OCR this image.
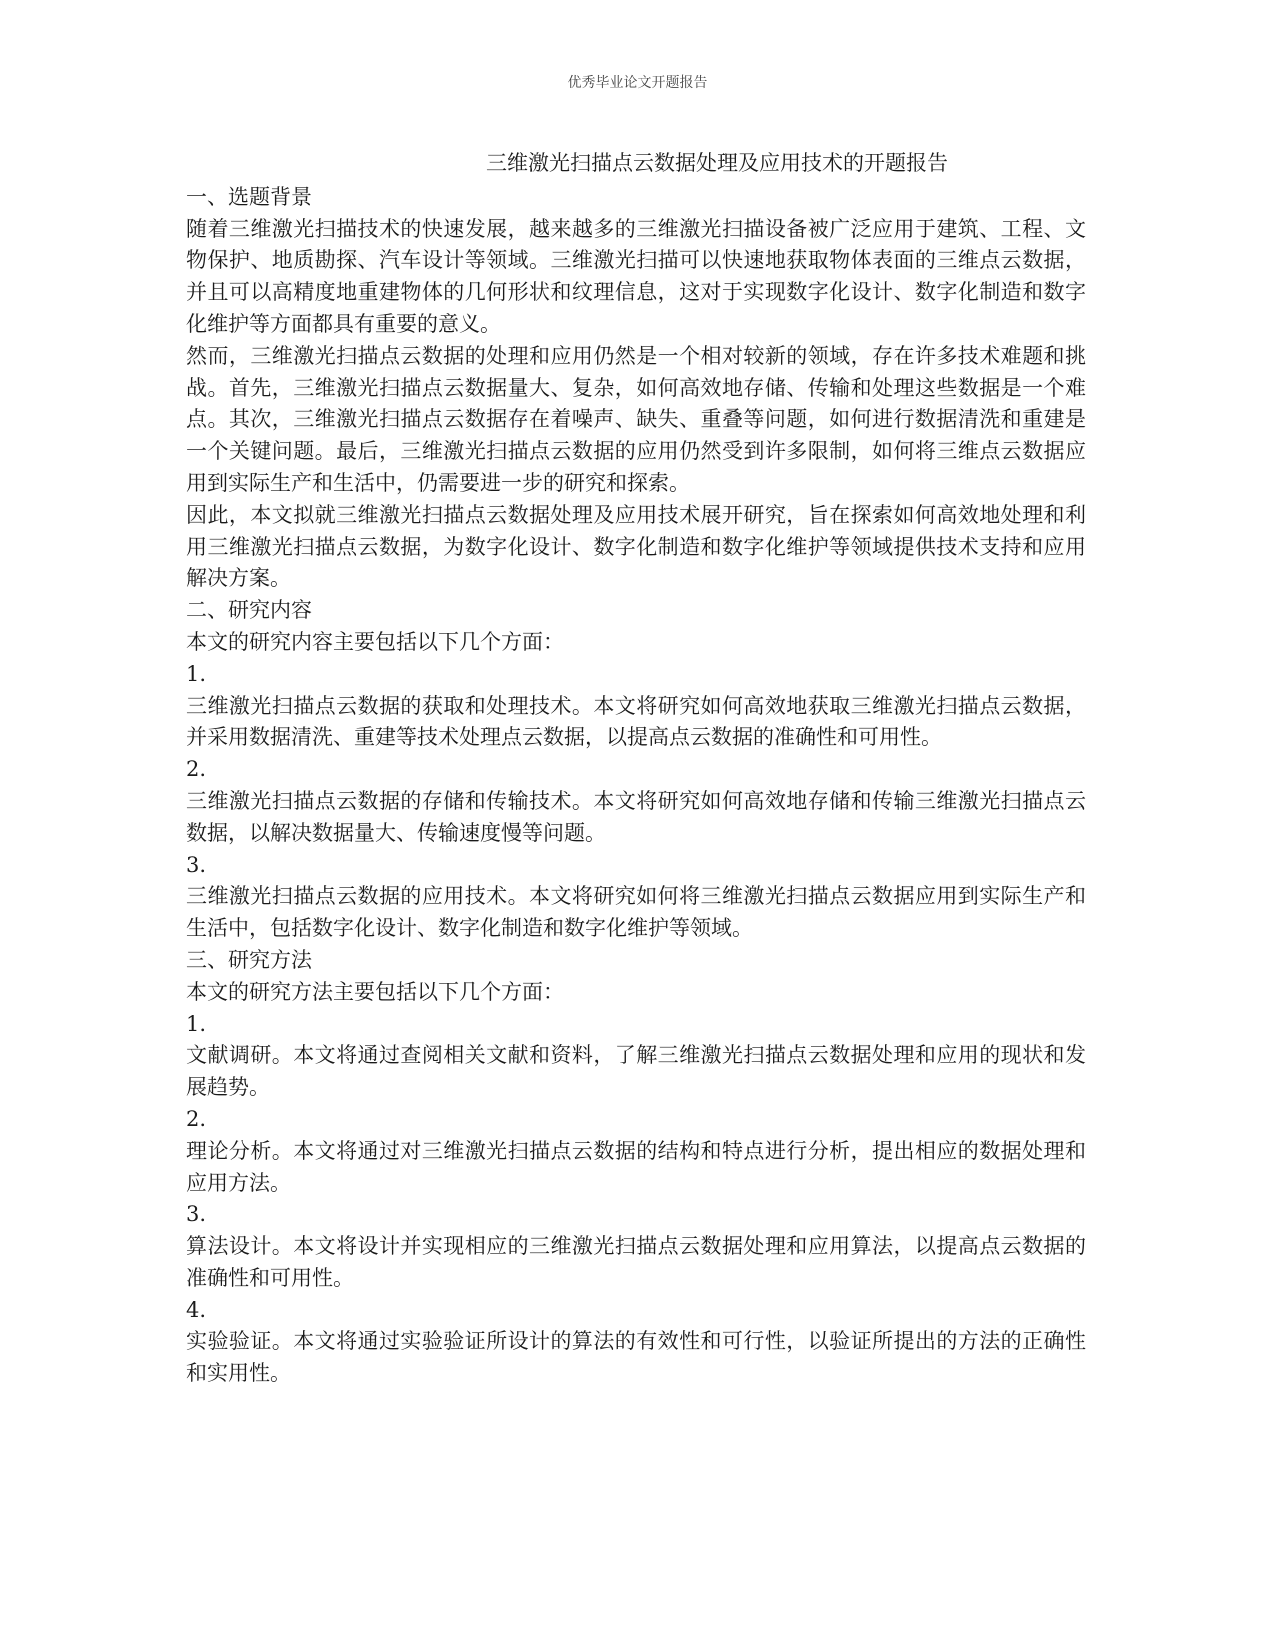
优秀毕业论文开题报告
三维激光扫描点云数据处理及应用技术的开题报告
一、选题背景

随着三维激光扫描技术的快速发展，越来越多的三维激光扫描设备被广泛应用于建筑、工程、文物保护、地质勘探、汽车设计等领域。三维激光扫描可以快速地获取物体表面的三维点云数据，并且可以高精度地重建物体的几何形状和纹理信息，这对于实现数字化设计、数字化制造和数字化维护等方面都具有重要的意义。

然而，三维激光扫描点云数据的处理和应用仍然是一个相对较新的领域，存在许多技术难题和挑战。首先，三维激光扫描点云数据量大、复杂，如何高效地存储、传输和处理这些数据是一个难点。其次，三维激光扫描点云数据存在着噪声、缺失、重叠等问题，如何进行数据清洗和重建是一个关键问题。最后，三维激光扫描点云数据的应用仍然受到许多限制，如何将三维点云数据应用到实际生产和生活中，仍需要进一步的研究和探索。

因此，本文拟就三维激光扫描点云数据处理及应用技术展开研究，旨在探索如何高效地处理和利用三维激光扫描点云数据，为数字化设计、数字化制造和数字化维护等领域提供技术支持和应用解决方案。

二、研究内容

本文的研究内容主要包括以下几个方面：

1.

三维激光扫描点云数据的获取和处理技术。本文将研究如何高效地获取三维激光扫描点云数据，并采用数据清洗、重建等技术处理点云数据，以提高点云数据的准确性和可用性。

2.

三维激光扫描点云数据的存储和传输技术。本文将研究如何高效地存储和传输三维激光扫描点云数据，以解决数据量大、传输速度慢等问题。

3.

三维激光扫描点云数据的应用技术。本文将研究如何将三维激光扫描点云数据应用到实际生产和生活中，包括数字化设计、数字化制造和数字化维护等领域。

三、研究方法

本文的研究方法主要包括以下几个方面：

1.

文献调研。本文将通过查阅相关文献和资料，了解三维激光扫描点云数据处理和应用的现状和发展趋势。

2.

理论分析。本文将通过对三维激光扫描点云数据的结构和特点进行分析，提出相应的数据处理和应用方法。

3.

算法设计。本文将设计并实现相应的三维激光扫描点云数据处理和应用算法，以提高点云数据的准确性和可用性。

4.

实验验证。本文将通过实验验证所设计的算法的有效性和可行性，以验证所提出的方法的正确性和实用性。
